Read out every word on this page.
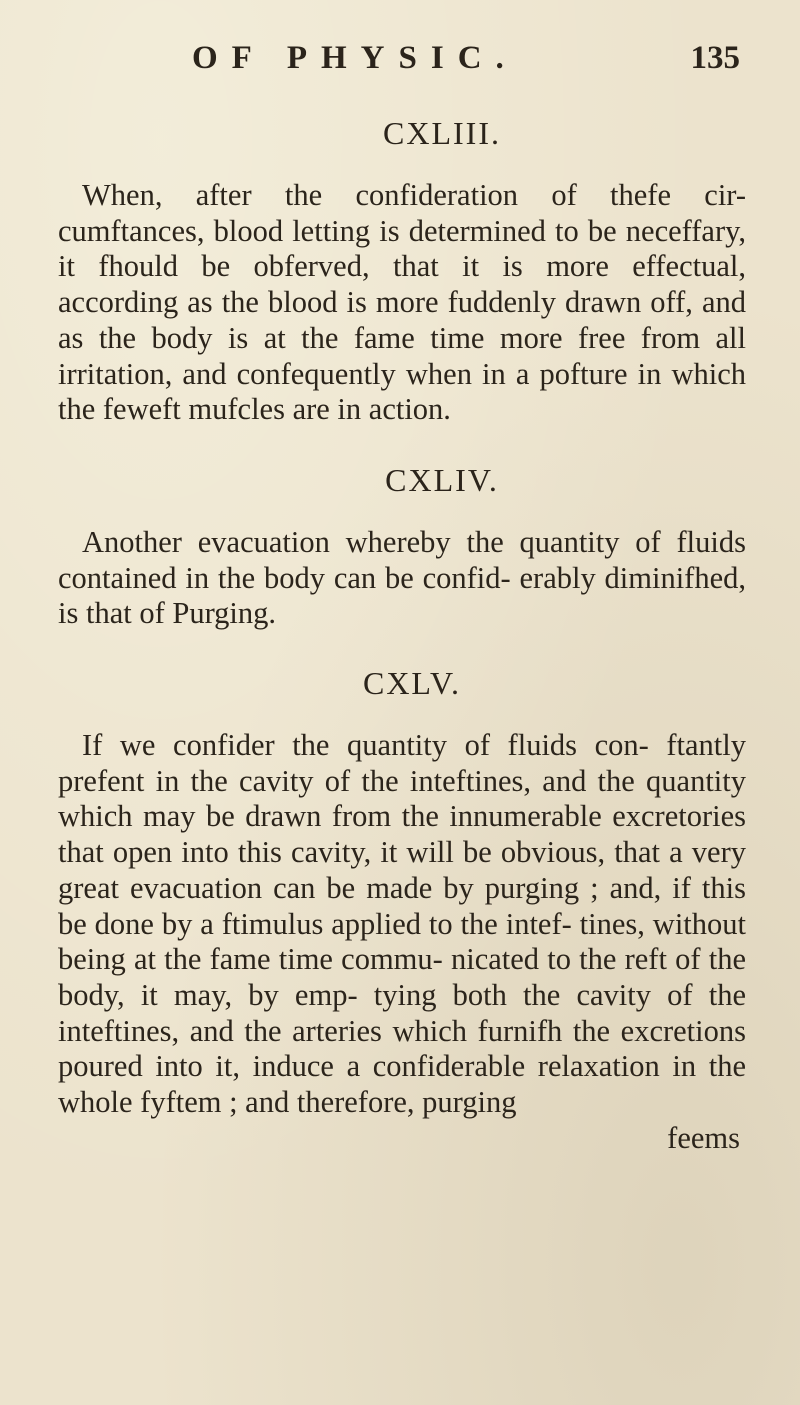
OF PHYSIC.	135
CXLIII.

When, after the confideration of thefe cir- cumftances, blood letting is determined to be neceffary, it fhould be obferved, that it is more effectual, according as the blood is more fuddenly drawn off, and as the body is at the fame time more free from all irritation, and confequently when in a pofture in which the feweft mufcles are in action.

CXLIV.

Another evacuation whereby the quantity of fluids contained in the body can be confid- erably diminifhed, is that of Purging.

CXLV.

If we confider the quantity of fluids con- ftantly prefent in the cavity of the inteftines, and the quantity which may be drawn from the innumerable excretories that open into this cavity, it will be obvious, that a very great evacuation can be made by purging ; and, if this be done by a ftimulus applied to the intef- tines, without being at the fame time commu- nicated to the reft of the body, it may, by emp- tying both the cavity of the inteftines, and the arteries which furnifh the excretions poured into it, induce a confiderable relaxation in the whole fyftem ; and therefore, purging

feems
